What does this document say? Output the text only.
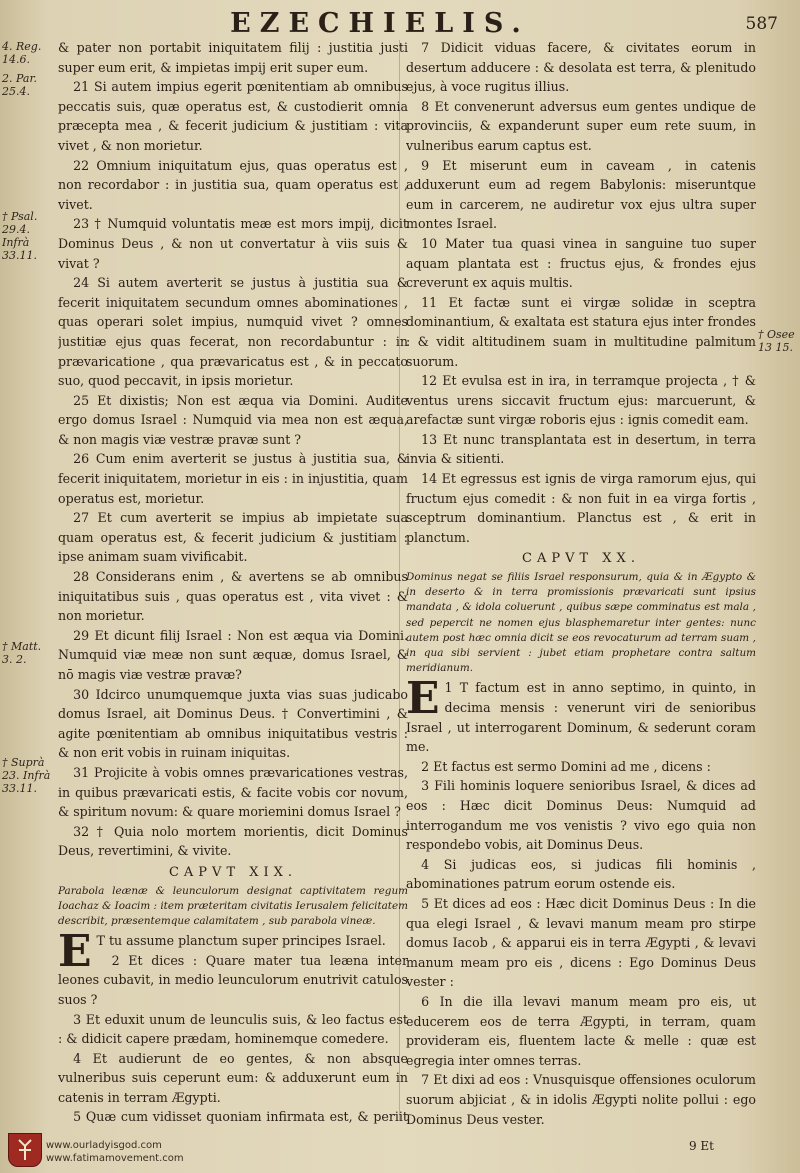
EZECHIELIS.	587
4. Reg. 14.6.
2. Par. 25.4.
† Psal. 29.4. Infrà 33.11.
† Matt. 3. 2.
† Suprà 23. Infrà 33.11.
† Osee 13 15.

& pater non portabit iniquitatem filij : justitia justi super eum erit, & impietas impij erit super eum.

21 Si autem impius egerit pœnitentiam ab omnibus peccatis suis, quæ operatus est, & custodierit omnia præcepta mea , & fecerit judicium & justitiam : vita vivet , & non morietur.

22 Omnium iniquitatum ejus, quas operatus est , non recordabor : in justitia sua, quam operatus est , vivet.

23 † Numquid voluntatis meæ est mors impij, dicit Dominus Deus , & non ut convertatur à viis suis & vivat ?

24 Si autem averterit se justus à justitia sua & fecerit iniquitatem secundum omnes abominationes , quas operari solet impius, numquid vivet ? omnes justitiæ ejus quas fecerat, non recordabuntur : in prævaricatione , qua prævaricatus est , & in peccato suo, quod peccavit, in ipsis morietur.

25 Et dixistis; Non est æqua via Domini. Audite ergo domus Israel : Numquid via mea non est æqua, & non magis viæ vestræ pravæ sunt ?

26 Cum enim averterit se justus à justitia sua, & fecerit iniquitatem, morietur in eis : in injustitia, quam operatus est, morietur.

27 Et cum averterit se impius ab impietate sua quam operatus est, & fecerit judicium & justitiam : ipse animam suam vivificabit.

28 Considerans enim , & avertens se ab omnibus iniquitatibus suis , quas operatus est , vita vivet : & non morietur.

29 Et dicunt filij Israel : Non est æqua via Domini. Numquid viæ meæ non sunt æquæ, domus Israel, & nō magis viæ vestræ pravæ?

30 Idcirco unumquemque juxta vias suas judicabo domus Israel, ait Dominus Deus. † Convertimini , & agite pœnitentiam ab omnibus iniquitatibus vestris : & non erit vobis in ruinam iniquitas.

31 Projicite à vobis omnes prævaricationes vestras, in quibus prævaricati estis, & facite vobis cor novum, & spiritum novum: & quare moriemini domus Israel ?

32 † Quia nolo mortem morientis, dicit Dominus Deus, revertimini, & vivite.

CAPVT XIX.

Parabola leænæ & leunculorum designat captivitatem regum Ioachaz & Ioacim : item præteritam civitatis Ierusalem felicitatem describit, præsentemque calamitatem , sub parabola vineæ.

E T tu assume planctum super principes Israel.

2 Et dices : Quare mater tua leæna inter leones cubavit, in medio leunculorum enutrivit catulos suos ?

3 Et eduxit unum de leunculis suis, & leo factus est : & didicit capere prædam, hominemque comedere.

4 Et audierunt de eo gentes, & non absque vulneribus suis ceperunt eum: & adduxerunt eum in catenis in terram Ægypti.

5 Quæ cum vidisset quoniam infirmata est, & periit

7 Didicit viduas facere, & civitates eorum in desertum adducere : & desolata est terra, & plenitudo ejus, à voce rugitus illius.

8 Et convenerunt adversus eum gentes undique de provinciis, & expanderunt super eum rete suum, in vulneribus earum captus est.

9 Et miserunt eum in caveam , in catenis adduxerunt eum ad regem Babylonis: miseruntque eum in carcerem, ne audiretur vox ejus ultra super montes Israel.

10 Mater tua quasi vinea in sanguine tuo super aquam plantata est : fructus ejus, & frondes ejus creverunt ex aquis multis.

11 Et factæ sunt ei virgæ solidæ in sceptra dominantium, & exaltata est statura ejus inter frondes : & vidit altitudinem suam in multitudine palmitum suorum.

12 Et evulsa est in ira, in terramque projecta , † & ventus urens siccavit fructum ejus: marcuerunt, & arefactæ sunt virgæ roboris ejus : ignis comedit eam.

13 Et nunc transplantata est in desertum, in terra invia & sitienti.

14 Et egressus est ignis de virga ramorum ejus, qui fructum ejus comedit : & non fuit in ea virga fortis , sceptrum dominantium. Planctus est , & erit in planctum.

CAPVT XX.

Dominus negat se filiis Israel responsurum, quia & in Ægypto & in deserto & in terra promissionis prævaricati sunt ipsius mandata , & idola coluerunt , quibus sæpe comminatus est mala , sed pepercit ne nomen ejus blasphemaretur inter gentes: nunc autem post hæc omnia dicit se eos revocaturum ad terram suam , in qua sibi servient : jubet etiam prophetare contra saltum meridianum.

E 1 T factum est in anno septimo, in quinto, in decima mensis : venerunt viri de senioribus Israel , ut interrogarent Dominum, & sederunt coram me.

2 Et factus est sermo Domini ad me , dicens :

3 Fili hominis loquere senioribus Israel, & dices ad eos : Hæc dicit Dominus Deus: Numquid ad interrogandum me vos venistis ? vivo ego quia non respondebo vobis, ait Dominus Deus.

4 Si judicas eos, si judicas fili hominis , abominationes patrum eorum ostende eis.

5 Et dices ad eos : Hæc dicit Dominus Deus : In die qua elegi Israel , & levavi manum meam pro stirpe domus Iacob , & apparui eis in terra Ægypti , & levavi manum meam pro eis , dicens : Ego Dominus Deus vester :

6 In die illa levavi manum meam pro eis, ut educerem eos de terra Ægypti, in terram, quam provideram eis, fluentem lacte & melle : quæ est egregia inter omnes terras.

7 Et dixi ad eos : Vnusquisque offensiones oculorum suorum abjiciat , & in idolis Ægypti nolite pollui : ego Dominus Deus vester.

9 Et
www.ourladyisgod.com
www.fatimamovement.com
